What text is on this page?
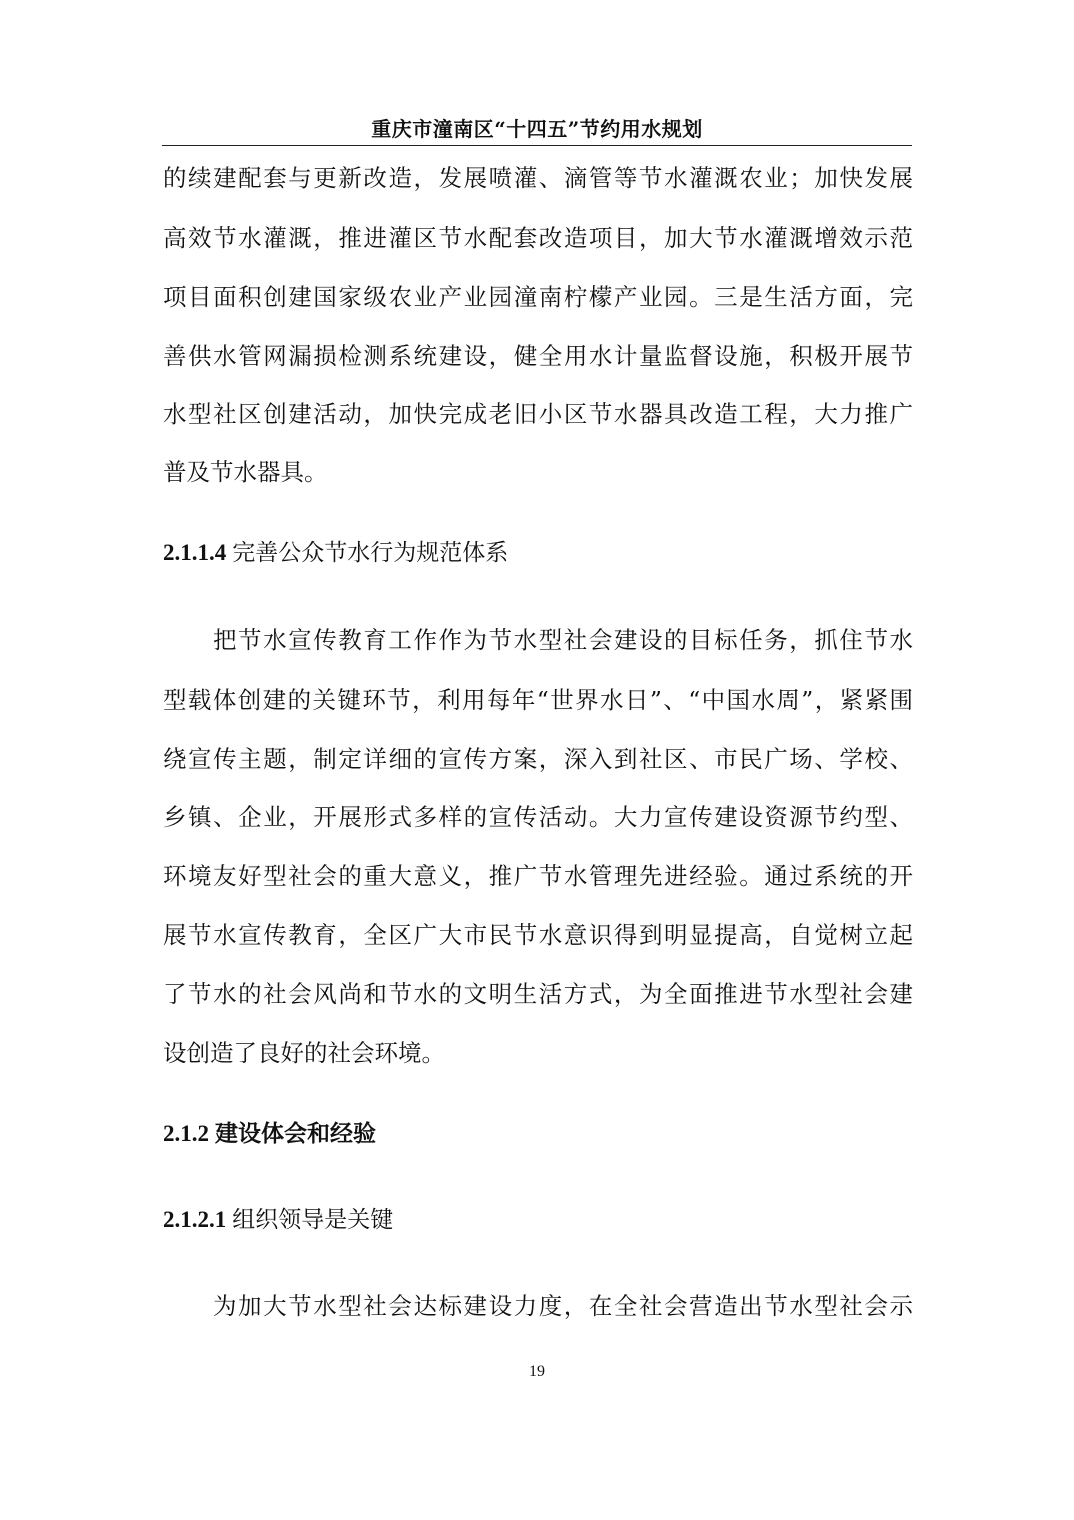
重庆市潼南区“十四五”节约用水规划
的续建配套与更新改造，发展喷灌、滴管等节水灌溉农业；加快发展
高效节水灌溉，推进灌区节水配套改造项目，加大节水灌溉增效示范
项目面积创建国家级农业产业园潼南柠檬产业园。三是生活方面，完
善供水管网漏损检测系统建设，健全用水计量监督设施，积极开展节
水型社区创建活动，加快完成老旧小区节水器具改造工程，大力推广
普及节水器具。
2.1.1.4 完善公众节水行为规范体系
把节水宣传教育工作作为节水型社会建设的目标任务，抓住节水
型载体创建的关键环节，利用每年“世界水日”、“中国水周”，紧紧围
绕宣传主题，制定详细的宣传方案，深入到社区、市民广场、学校、
乡镇、企业，开展形式多样的宣传活动。大力宣传建设资源节约型、
环境友好型社会的重大意义，推广节水管理先进经验。通过系统的开
展节水宣传教育，全区广大市民节水意识得到明显提高，自觉树立起
了节水的社会风尚和节水的文明生活方式，为全面推进节水型社会建
设创造了良好的社会环境。
2.1.2 建设体会和经验
2.1.2.1 组织领导是关键
为加大节水型社会达标建设力度，在全社会营造出节水型社会示
19
